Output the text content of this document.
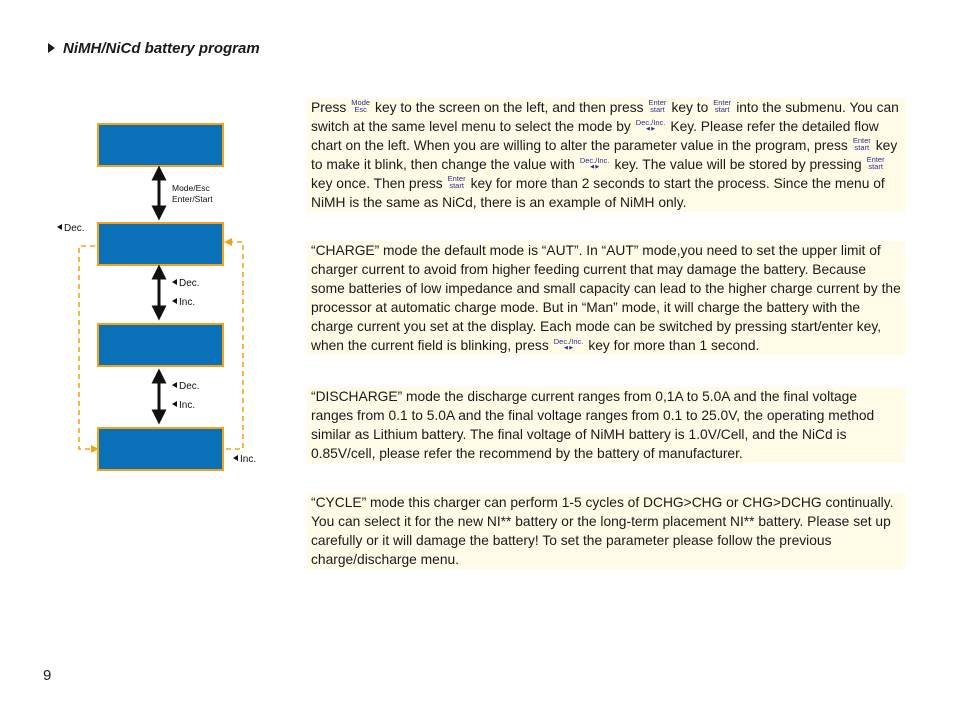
NiMH/NiCd battery program
Mode/Esc
Enter/Start
Dec.
Dec.
Inc.
Dec.
Inc.
Inc.
Press Mode
Esc key to the screen on the left, and then press Enter
start key to Enter
start into the submenu. You can switch at the same level menu to select the mode by Dec./Inc.
◀ ▶	Key. Please refer the detailed flow chart on the left. When you are willing to alter the parameter value in the program, press Enter
start key to make it blink, then change the value with Dec./Inc.
◀ ▶	key. The value will be stored by pressing Enter
startkey once. Then press Enter
start key for more than 2 seconds to start the process. Since the menu of NiMH is the same as NiCd, there is an example of NiMH only.
“CHARGE” mode the default mode is “AUT”. In “AUT” mode,you need to set the upper limit of charger current to avoid from higher feeding current that may damage the battery. Because some batteries of low impedance and small capacity can lead to the higher charge current by the processor at automatic charge mode. But in “Man” mode, it will charge the battery with the charge current you set at the display. Each mode can be switched by pressing start/enter key, when the current field is blinking, press Dec./Inc.
◀ ▶	key for more than 1 second.
“DISCHARGE” mode the discharge current ranges from 0,1A to 5.0A and the final voltage ranges from 0.1 to 5.0A and the final voltage ranges from 0.1 to 25.0V, the operating method similar as Lithium battery. The final voltage of NiMH battery is 1.0V/Cell, and the NiCd is 0.85V/cell, please refer the recommend by the battery of manufacturer.
“CYCLE” mode this charger can perform 1-5 cycles of DCHG>CHG or CHG>DCHG continually. You can select it for the new NI** battery or the long-term placement NI** battery. Please set up carefully or it will damage the battery! To set the parameter please follow the previous charge/discharge menu.
9
